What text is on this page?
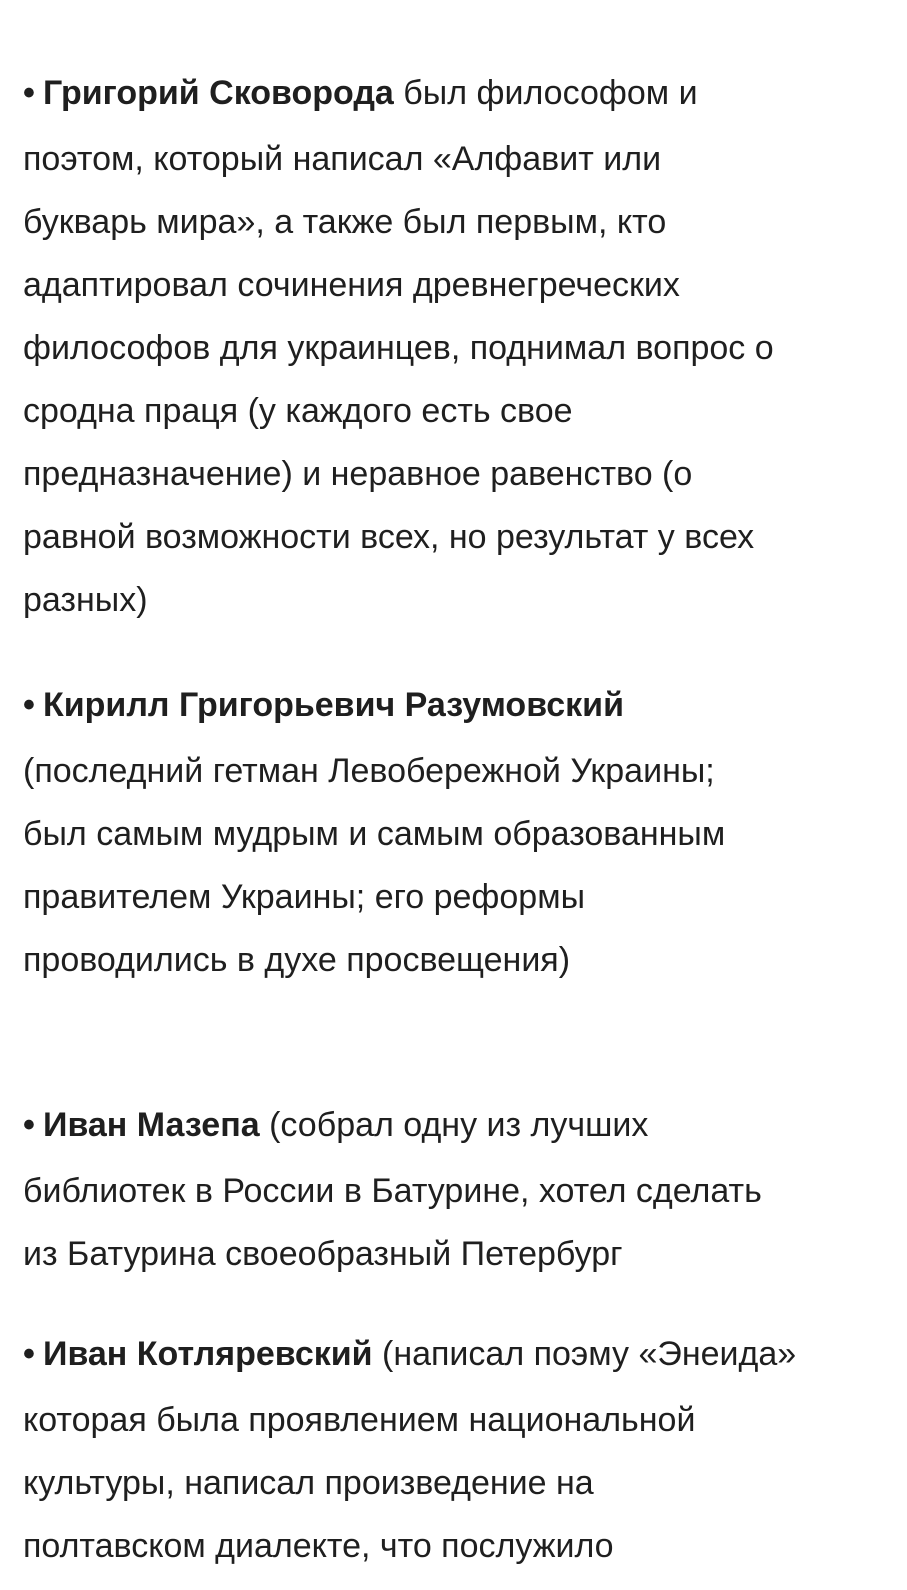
• Григорий Сковорода был философом и
поэтом, который написал «Алфавит или
букварь мира», а также был первым, кто
адаптировал сочинения древнегреческих
философов для украинцев, поднимал вопрос о
сродна праця (у каждого есть свое
предназначение) и неравное равенство (о
равной возможности всех, но результат у всех
разных)
• Кирилл Григорьевич Разумовский
(последний гетман Левобережной Украины;
был самым мудрым и самым образованным
правителем Украины; его реформы
проводились в духе просвещения)
• Иван Мазепа (собрал одну из лучших
библиотек в России в Батурине, хотел сделать
из Батурина своеобразный Петербург
• Иван Котляревский (написал поэму «Энеида»
которая была проявлением национальной
культуры, написал произведение на
полтавском диалекте, что послужило
